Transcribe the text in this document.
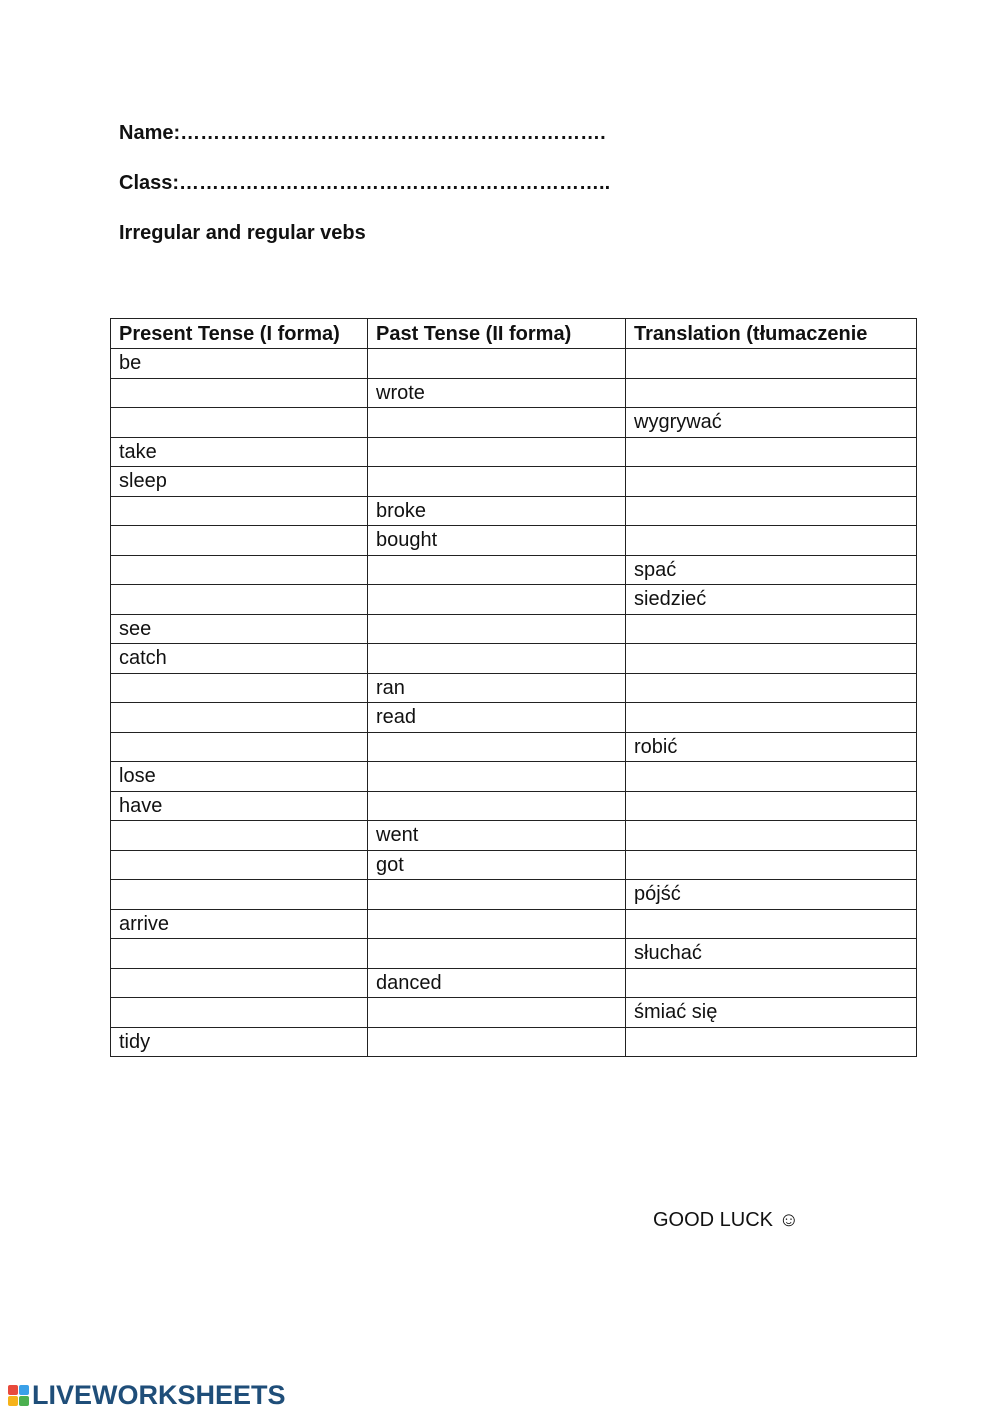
Name:……………………………………………………….
Class:………………………………………………………..
Irregular and regular vebs
Present Tense (I forma)	Past Tense (II forma)	Translation (tłumaczenie
be		
	wrote	
		wygrywać
take		
sleep		
	broke	
	bought	
		spać
		siedzieć
see		
catch		
	ran	
	read	
		robić
lose		
have		
	went	
	got	
		pójść
arrive		
		słuchać
	danced	
		śmiać się
tidy		
GOOD LUCK ☺
LIVEWORKSHEETS
